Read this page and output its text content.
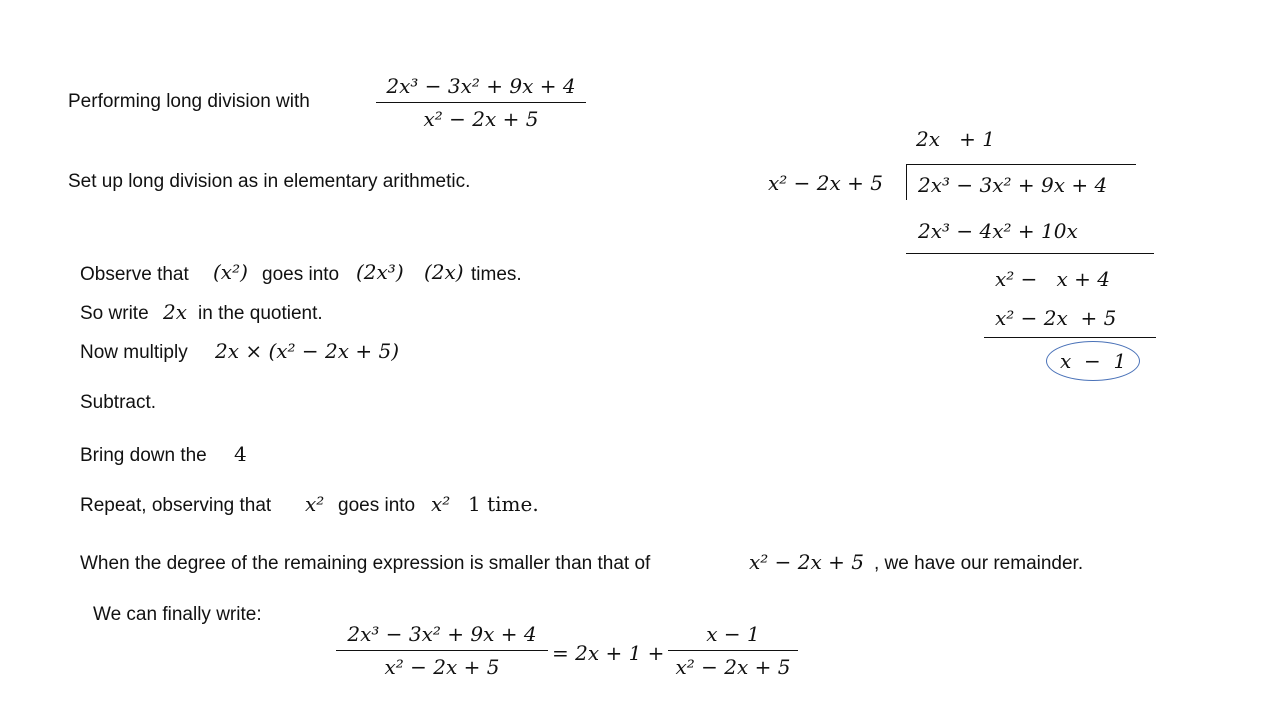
Performing long division with
2x³ − 3x² + 9x + 4
x² − 2x + 5
Set up long division as in elementary arithmetic.
Observe that (x²) goes into (2x³) (2x) times.
So write 2x in the quotient.
Now multiply 2x × (x² − 2x + 5)
Subtract.
Bring down the 4
Repeat, observing that x² goes into x² 1 time.
When the degree of the remaining expression is smaller than that of	x² − 2x + 5 , we have our remainder.
We can finally write:
2x   + 1
x² − 2x + 5 2x³ − 3x² + 9x + 4
2x³ − 4x² + 10x
x² −   x + 4
x² − 2x  + 5
x  −  1
2x³ − 3x² + 9x + 4
x² − 2x + 5
= 2x + 1 +
x − 1
x² − 2x + 5
